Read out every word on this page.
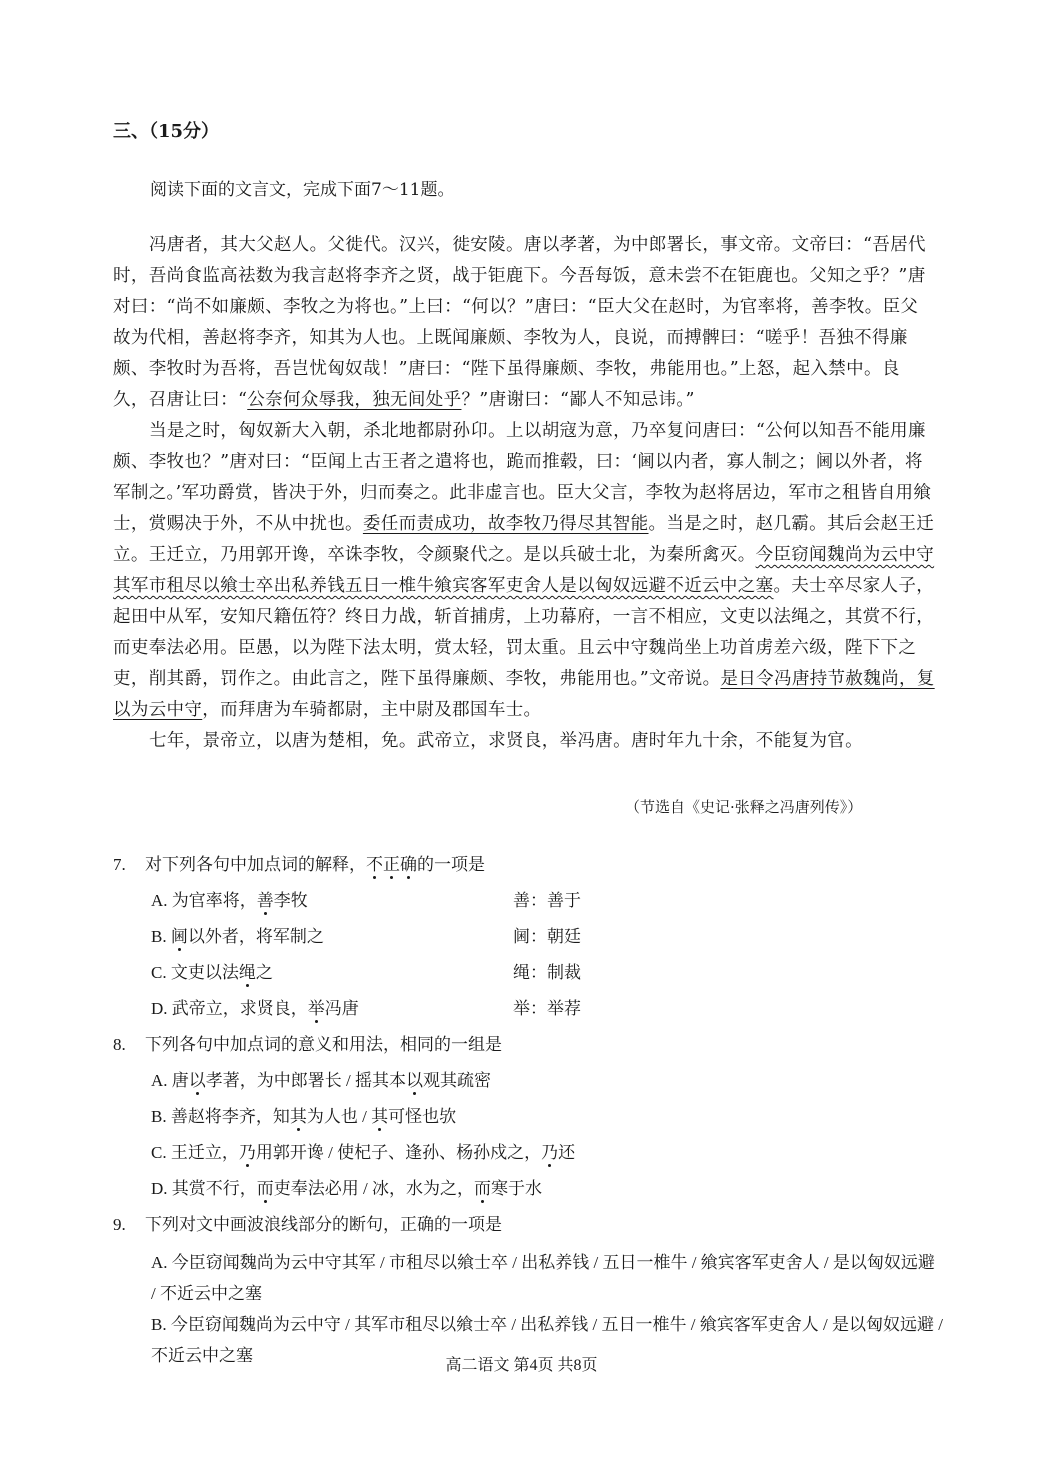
三、（15分）
阅读下面的文言文，完成下面7～11题。

冯唐者，其大父赵人。父徙代。汉兴，徙安陵。唐以孝著，为中郎署长，事文帝。文帝曰：“吾居代时，吾尚食监高祛数为我言赵将李齐之贤，战于钜鹿下。今吾每饭，意未尝不在钜鹿也。父知之乎？”唐对曰：“尚不如廉颇、李牧之为将也。”上曰：“何以？”唐曰：“臣大父在赵时，为官率将，善李牧。臣父故为代相，善赵将李齐，知其为人也。上既闻廉颇、李牧为人，良说，而搏髀曰：“嗟乎！吾独不得廉颇、李牧时为吾将，吾岂忧匈奴哉！”唐曰：“陛下虽得廉颇、李牧，弗能用也。”上怒，起入禁中。良久，召唐让曰：“公奈何众辱我，独无间处乎？”唐谢曰：“鄙人不知忌讳。”

当是之时，匈奴新大入朝，杀北地都尉孙卬。上以胡寇为意，乃卒复问唐曰：“公何以知吾不能用廉颇、李牧也？”唐对曰：“臣闻上古王者之遣将也，跪而推毂，曰：‘阃以内者，寡人制之；阃以外者，将军制之。’军功爵赏，皆决于外，归而奏之。此非虚言也。臣大父言，李牧为赵将居边，军市之租皆自用飨士，赏赐决于外，不从中扰也。委任而责成功，故李牧乃得尽其智能。当是之时，赵几霸。其后会赵王迁立。王迁立，乃用郭开谗，卒诛李牧，令颜聚代之。是以兵破士北，为秦所禽灭。今臣窃闻魏尚为云中守其军市租尽以飨士卒出私养钱五日一椎牛飨宾客军吏舍人是以匈奴远避不近云中之塞。夫士卒尽家人子，起田中从军，安知尺籍伍符？终日力战，斩首捕虏，上功幕府，一言不相应，文吏以法绳之，其赏不行，而吏奉法必用。臣愚，以为陛下法太明，赏太轻，罚太重。且云中守魏尚坐上功首虏差六级，陛下下之吏，削其爵，罚作之。由此言之，陛下虽得廉颇、李牧，弗能用也。”文帝说。是日令冯唐持节赦魏尚，复以为云中守，而拜唐为车骑都尉，主中尉及郡国车士。

七年，景帝立，以唐为楚相，免。武帝立，求贤良，举冯唐。唐时年九十余，不能复为官。

（节选自《史记·张释之冯唐列传》）
7. 对下列各句中加点词的解释，不正确的一项是
A. 为官率将，善李牧	善：善于
B. 阃以外者，将军制之	阃：朝廷
C. 文吏以法绳之	绳：制裁
D. 武帝立，求贤良，举冯唐	举：举荐
8. 下列各句中加点词的意义和用法，相同的一组是
A. 唐以孝著，为中郎署长 / 摇其本以观其疏密
B. 善赵将李齐，知其为人也 / 其可怪也欤
C. 王迁立，乃用郭开谗 / 使杞子、逢孙、杨孙戍之，乃还
D. 其赏不行，而吏奉法必用 / 冰，水为之，而寒于水
9. 下列对文中画波浪线部分的断句，正确的一项是
A. 今臣窃闻魏尚为云中守其军 / 市租尽以飨士卒 / 出私养钱 / 五日一椎牛 / 飨宾客军吏舍人 / 是以匈奴远避 / 不近云中之塞
B. 今臣窃闻魏尚为云中守 / 其军市租尽以飨士卒 / 出私养钱 / 五日一椎牛 / 飨宾客军吏舍人 / 是以匈奴远避 / 不近云中之塞
高二语文 第4页 共8页
